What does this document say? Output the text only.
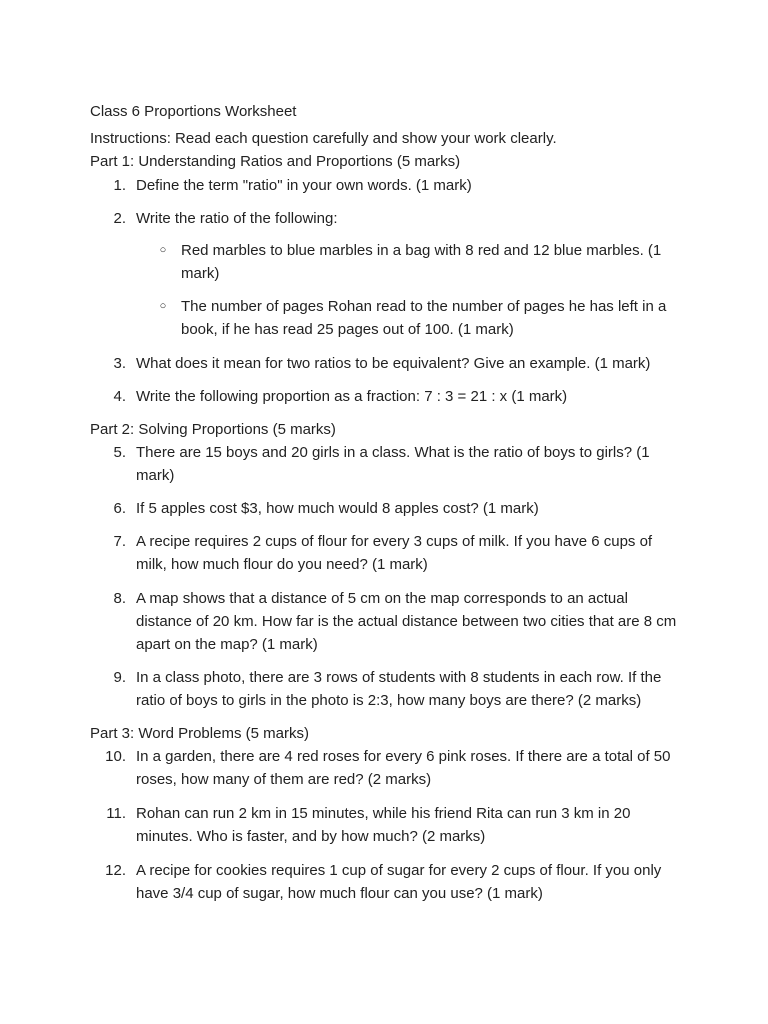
Class 6 Proportions Worksheet

Instructions: Read each question carefully and show your work clearly.

Part 1: Understanding Ratios and Proportions (5 marks)

1. Define the term "ratio" in your own words. (1 mark)
2. Write the ratio of the following:
○ Red marbles to blue marbles in a bag with 8 red and 12 blue marbles. (1 mark)
○ The number of pages Rohan read to the number of pages he has left in a book, if he has read 25 pages out of 100. (1 mark)
3. What does it mean for two ratios to be equivalent? Give an example. (1 mark)
4. Write the following proportion as a fraction: 7 : 3 = 21 : x (1 mark)

Part 2: Solving Proportions (5 marks)

5. There are 15 boys and 20 girls in a class. What is the ratio of boys to girls? (1 mark)
6. If 5 apples cost $3, how much would 8 apples cost? (1 mark)
7. A recipe requires 2 cups of flour for every 3 cups of milk. If you have 6 cups of milk, how much flour do you need? (1 mark)
8. A map shows that a distance of 5 cm on the map corresponds to an actual distance of 20 km. How far is the actual distance between two cities that are 8 cm apart on the map? (1 mark)
9. In a class photo, there are 3 rows of students with 8 students in each row. If the ratio of boys to girls in the photo is 2:3, how many boys are there? (2 marks)

Part 3: Word Problems (5 marks)

10. In a garden, there are 4 red roses for every 6 pink roses. If there are a total of 50 roses, how many of them are red? (2 marks)
11. Rohan can run 2 km in 15 minutes, while his friend Rita can run 3 km in 20 minutes. Who is faster, and by how much? (2 marks)
12. A recipe for cookies requires 1 cup of sugar for every 2 cups of flour. If you only have 3/4 cup of sugar, how much flour can you use? (1 mark)
